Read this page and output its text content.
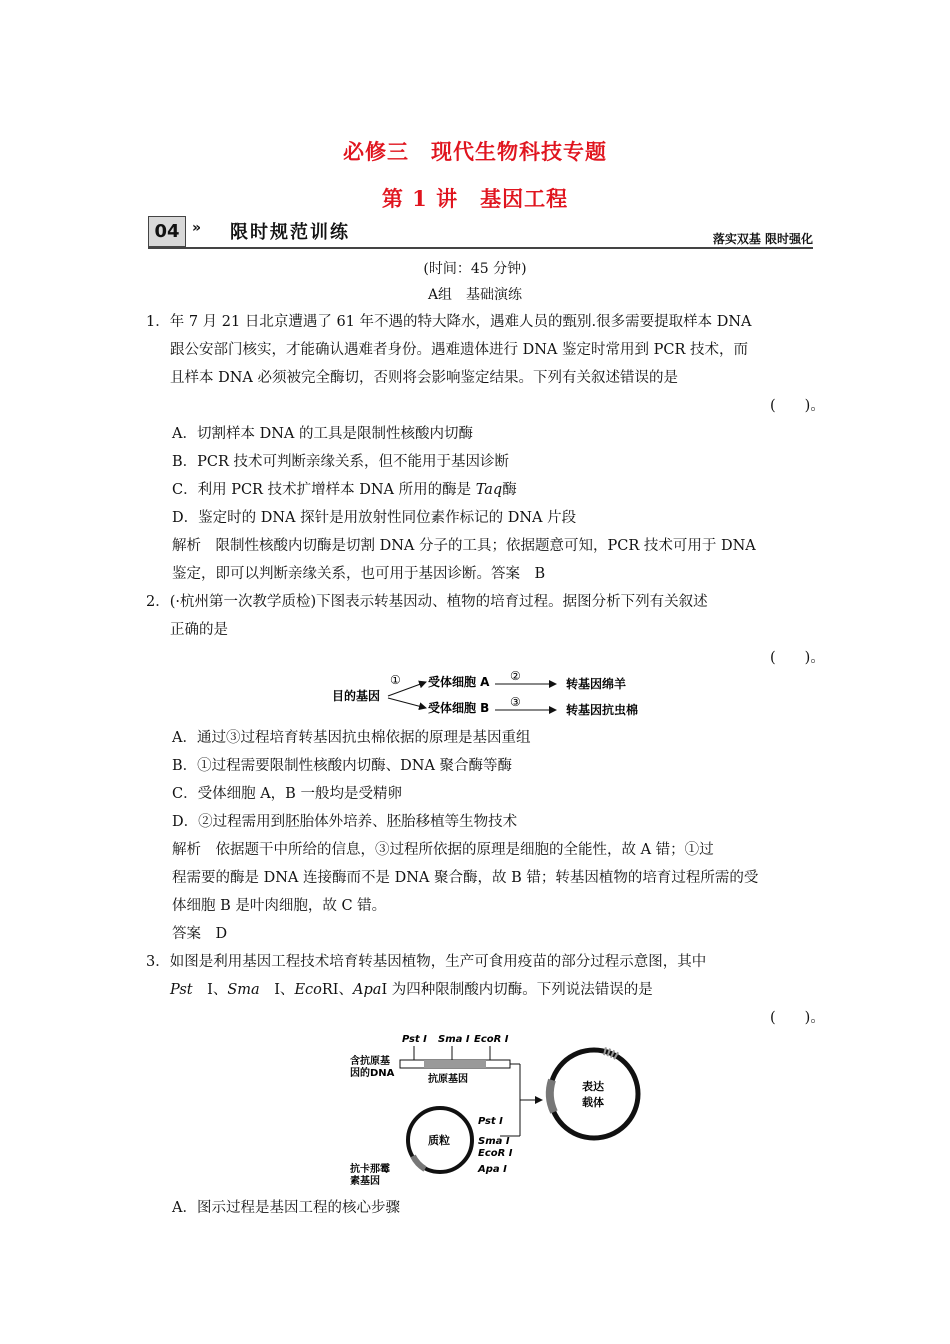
必修三　现代生物科技专题
第 1 讲　基因工程
04 » 限时规范训练	落实双基 限时强化
(时间：45 分钟)
A组　基础演练
1．年 7 月 21 日北京遭遇了 61 年不遇的特大降水，遇难人员的甄别.很多需要提取样本 DNA
跟公安部门核实，才能确认遇难者身份。遇难遗体进行 DNA 鉴定时常用到 PCR 技术，而
且样本 DNA 必须被完全酶切，否则将会影响鉴定结果。下列有关叙述错误的是
(　　)。
A．切割样本 DNA 的工具是限制性核酸内切酶
B．PCR 技术可判断亲缘关系，但不能用于基因诊断
C．利用 PCR 技术扩增样本 DNA 所用的酶是 Taq酶
D．鉴定时的 DNA 探针是用放射性同位素作标记的 DNA 片段
解析　限制性核酸内切酶是切割 DNA 分子的工具；依据题意可知，PCR 技术可用于 DNA
鉴定，即可以判断亲缘关系，也可用于基因诊断。答案　B
2．(·杭州第一次教学质检)下图表示转基因动、植物的培育过程。据图分析下列有关叙述
正确的是
(　　)。
目的基因
① 受体细胞 A
受体细胞 B
②
③
转基因绵羊
转基因抗虫棉
A．通过③过程培育转基因抗虫棉依据的原理是基因重组
B．①过程需要限制性核酸内切酶、DNA 聚合酶等酶
C．受体细胞 A，B 一般均是受精卵
D．②过程需用到胚胎体外培养、胚胎移植等生物技术
解析　依据题干中所给的信息，③过程所依据的原理是细胞的全能性，故 A 错；①过
程需要的酶是 DNA 连接酶而不是 DNA 聚合酶，故 B 错；转基因植物的培育过程所需的受
体细胞 B 是叶肉细胞，故 C 错。
答案　D
3．如图是利用基因工程技术培育转基因植物，生产可食用疫苗的部分过程示意图，其中
Pst　Ⅰ、Sma　Ⅰ、EcoRⅠ、ApaⅠ 为四种限制酸内切酶。下列说法错误的是
(　　)。
Pst Ⅰ Sma Ⅰ EcoR Ⅰ
含抗原基
因的DNA
抗原基因
质粒
Pst Ⅰ
Sma Ⅰ
EcoR Ⅰ
Apa Ⅰ
抗卡那霉
素基因
表达
载体
A．图示过程是基因工程的核心步骤
